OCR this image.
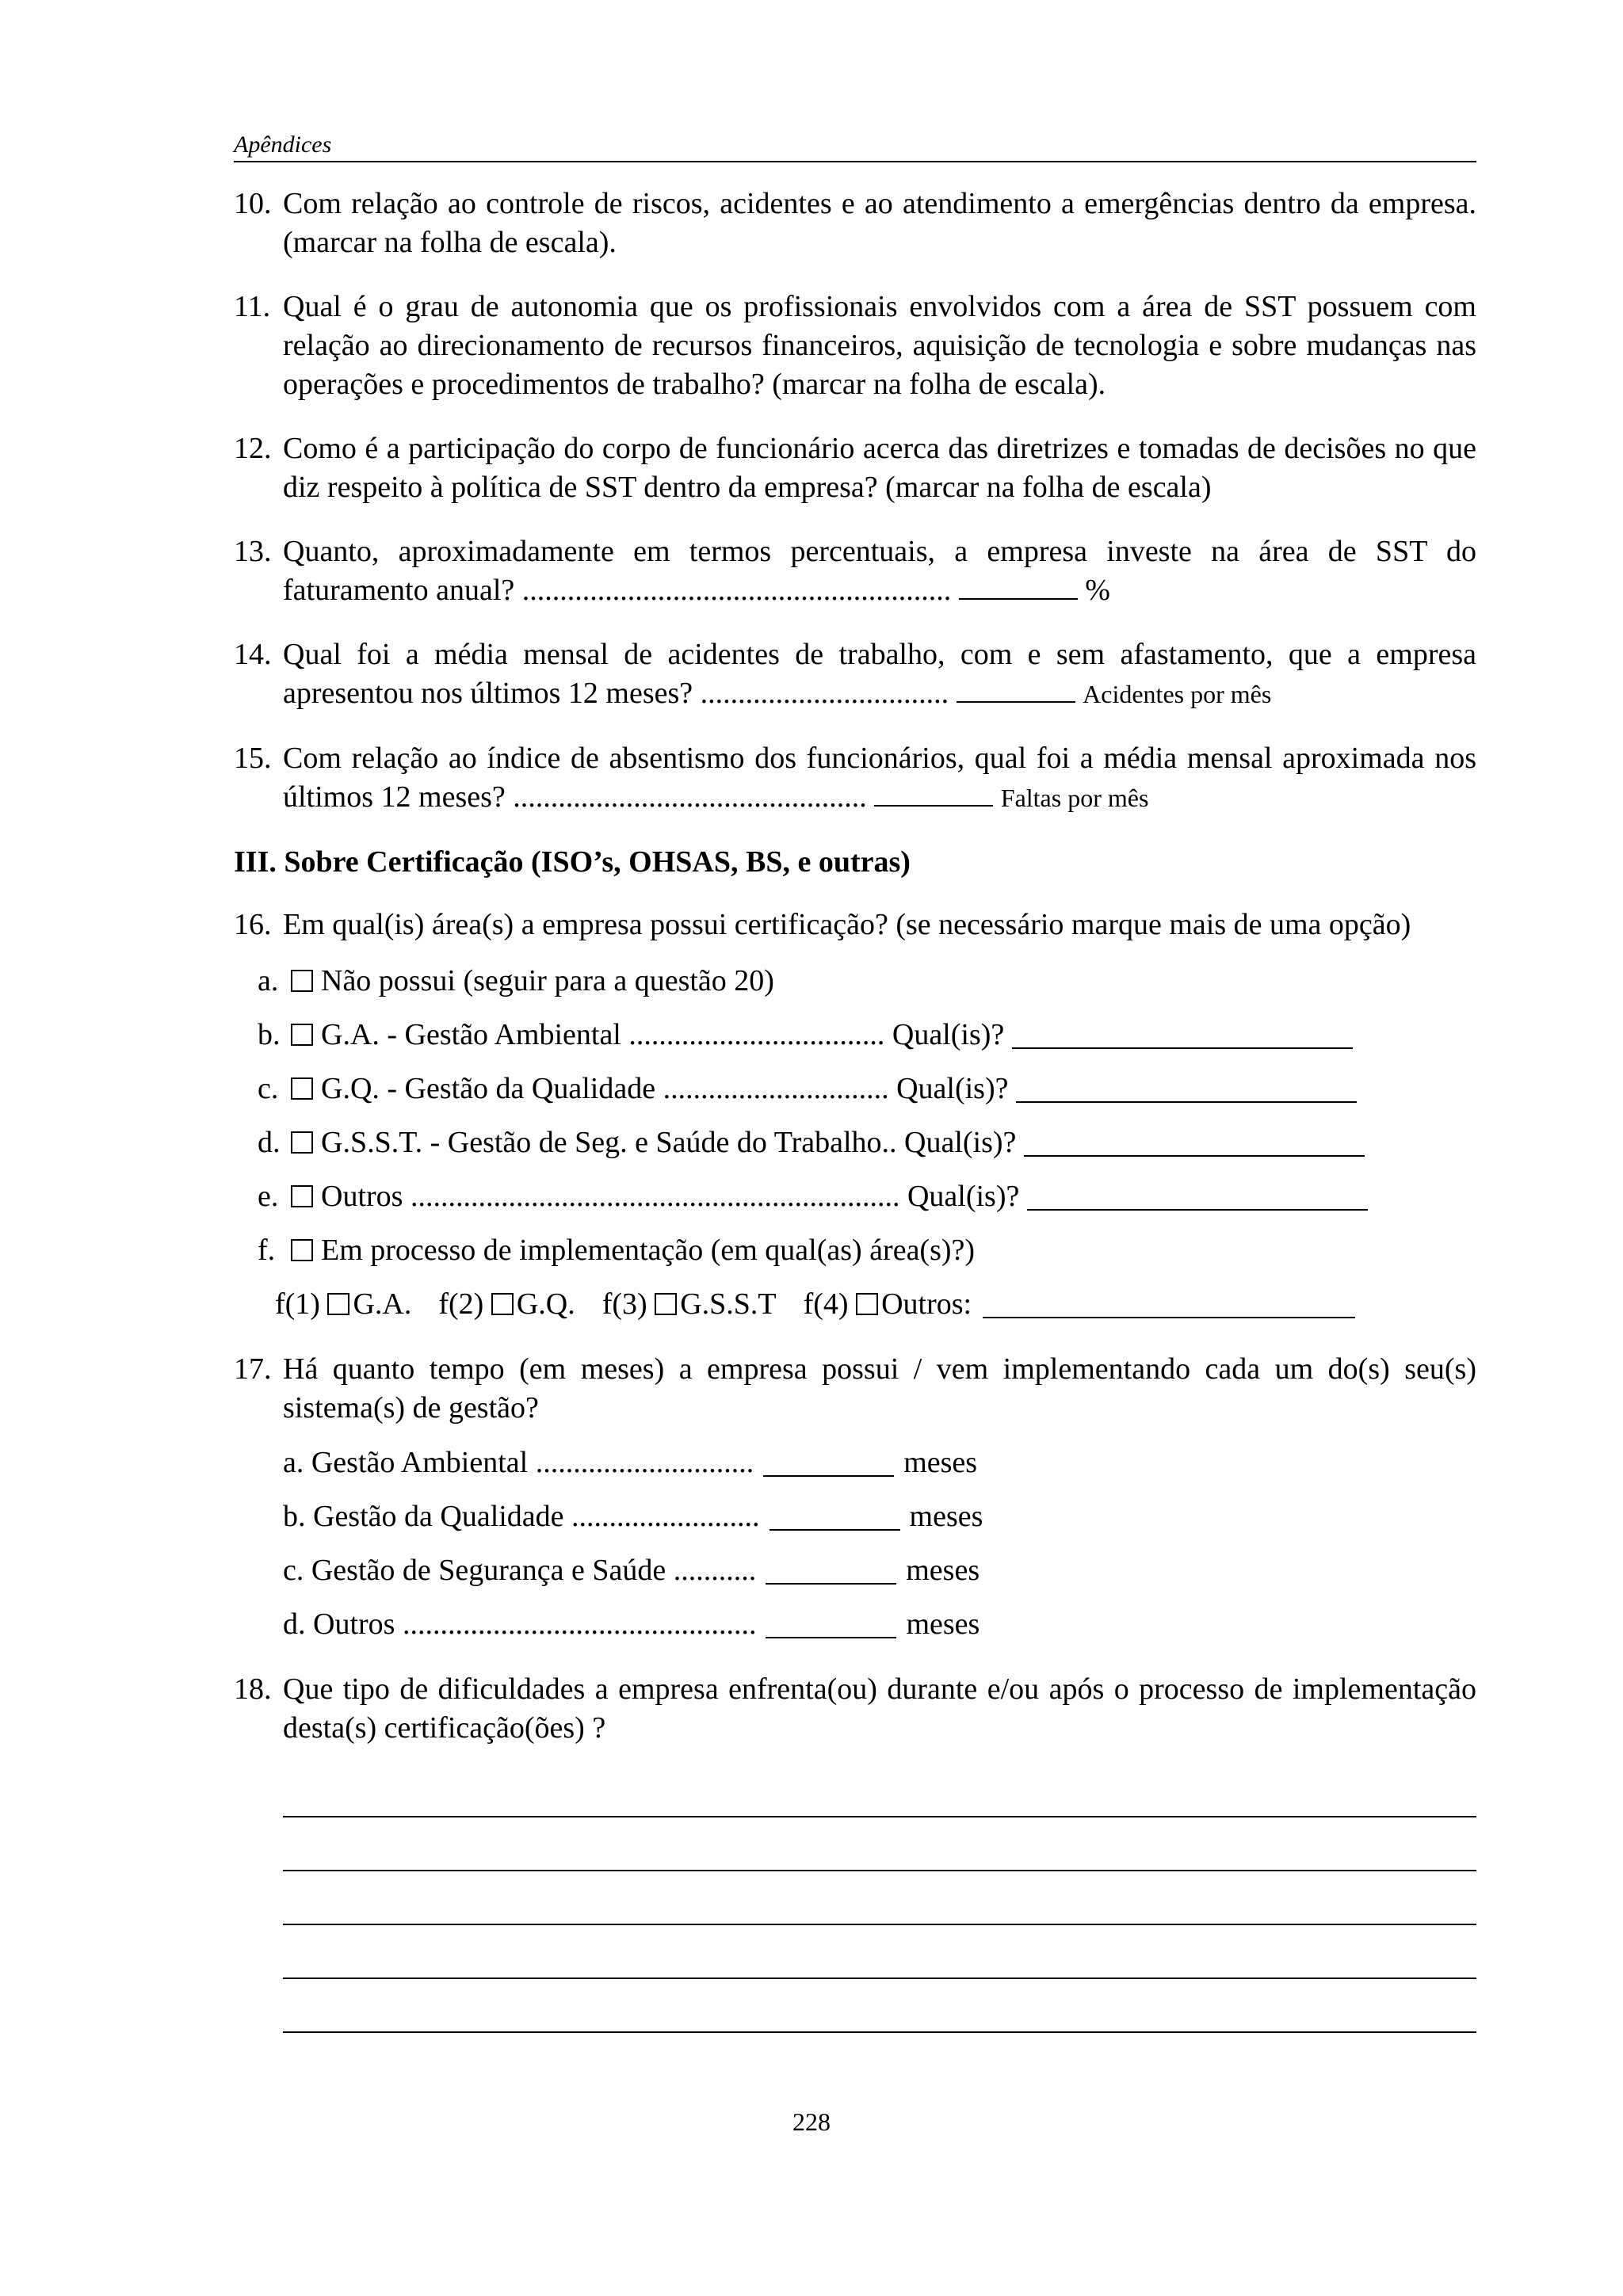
Apêndices
10. Com relação ao controle de riscos, acidentes e ao atendimento a emergências dentro da empresa. (marcar na folha de escala).
11. Qual é o grau de autonomia que os profissionais envolvidos com a área de SST possuem com relação ao direcionamento de recursos financeiros, aquisição de tecnologia e sobre mudanças nas operações e procedimentos de trabalho? (marcar na folha de escala).
12. Como é a participação do corpo de funcionário acerca das diretrizes e tomadas de decisões no que diz respeito à política de SST dentro da empresa? (marcar na folha de escala)
13. Quanto, aproximadamente em termos percentuais, a empresa investe na área de SST do faturamento anual? .........................................................	%
14. Qual foi a média mensal de acidentes de trabalho, com e sem afastamento, que a empresa apresentou nos últimos 12 meses? .................................	Acidentes por mês
15. Com relação ao índice de absentismo dos funcionários, qual foi a média mensal aproximada nos últimos 12 meses? ...............................................	Faltas por mês
III. Sobre Certificação (ISO’s, OHSAS, BS, e outras)
16. Em qual(is) área(s) a empresa possui certificação? (se necessário marque mais de uma opção)
a.	Não possui (seguir para a questão 20)
b.	G.A. - Gestão Ambiental
..................................
Qual(is)?
c.	G.Q. - Gestão da Qualidade
..............................
Qual(is)?
d.	G.S.S.T. - Gestão de Seg. e Saúde do Trabalho..
Qual(is)?
e.	Outros
.................................................................
Qual(is)?
f.	Em processo de implementação (em qual(as) área(s)?)
f(1)
G.A. f(2)
G.Q. f(3)
G.S.S.T f(4)
Outros:
17. Há quanto tempo (em meses) a empresa possui / vem implementando cada um do(s) seu(s) sistema(s) de gestão?
a. Gestão Ambiental
.............................	meses
b. Gestão da Qualidade
.........................	meses
c. Gestão de Segurança e Saúde
...........	meses
d. Outros
...............................................	meses
18. Que tipo de dificuldades a empresa enfrenta(ou) durante e/ou após o processo de implementação desta(s) certificação(ões) ?
228
